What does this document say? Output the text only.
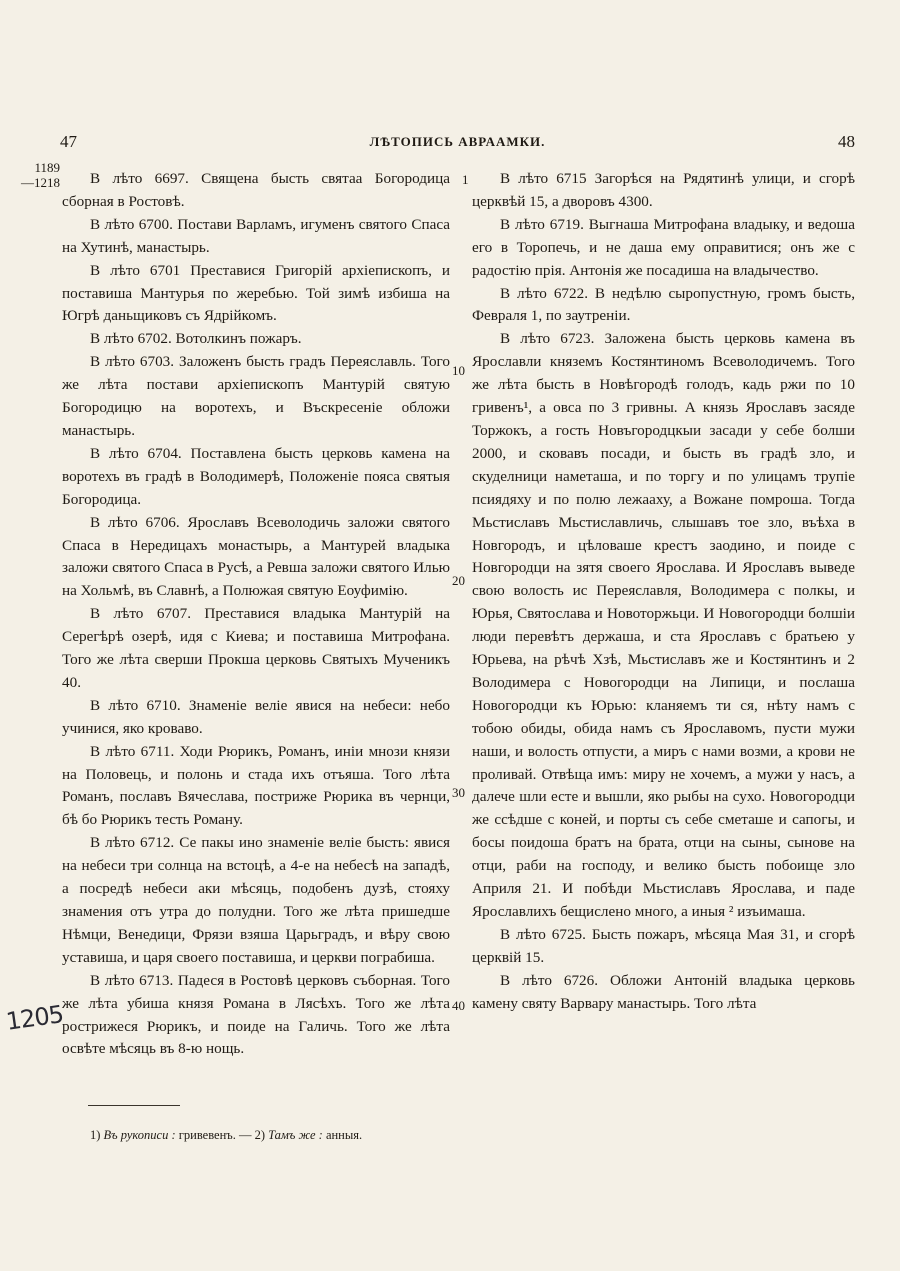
47	ЛѢТОПИСЬ АВРААМКИ.	48
1189
—1218
1205
1
10
20
30
40

В лѣто 6697. Священа бысть святаа Богородица сборная в Ростовѣ.

В лѣто 6700. Постави Варламъ, игуменъ святого Спаса на Хутинѣ, манастырь.

В лѣто 6701 Преставися Григорій архіепископъ, и поставиша Мантурья по жеребью. Той зимѣ избиша на Югрѣ даньщиковъ съ Ядрійкомъ.

В лѣто 6702. Вотолкинъ пожаръ.

В лѣто 6703. Заложенъ бысть градъ Переяславль. Того же лѣта постави архіепископъ Мантурій святую Богородицю на воротехъ, и Въскресеніе обложи манастырь.

В лѣто 6704. Поставлена бысть церковь камена на воротехъ въ градѣ в Володимерѣ, Положеніе пояса святыя Богородица.

В лѣто 6706. Ярославъ Всеволодичь заложи святого Спаса в Нередицахъ монастырь, а Мантурей владыка заложи святого Спаса в Русѣ, а Ревша заложи святого Илью на Хольмѣ, въ Славнѣ, а Полюжая святую Еоуфимію.

В лѣто 6707. Преставися владыка Мантурій на Серегѣрѣ озерѣ, идя с Киева; и поставиша Митрофана. Того же лѣта сверши Прокша церковь Святыхъ Мученикъ 40.

В лѣто 6710. Знаменіе веліе явися на небеси: небо учинися, яко кроваво.

В лѣто 6711. Ходи Рюрикъ, Романъ, иніи мнози князи на Половець, и полонь и стада ихъ отъяша. Того лѣта Романъ, пославъ Вячеслава, постриже Рюрика въ чернци, бѣ бо Рюрикъ тесть Роману.

В лѣто 6712. Се пакы ино знаменіе веліе бысть: явися на небеси три солнца на встоцѣ, а 4-е на небесѣ на западѣ, а посредѣ небеси аки мѣсяць, подобенъ дузѣ, стояху знамения отъ утра до полудни. Того же лѣта пришедше Нѣмци, Венедици, Фрязи взяша Царьградъ, и вѣру свою уставиша, и царя своего поставиша, и церкви пограбиша.

В лѣто 6713. Падеся в Ростовѣ церковъ съборная. Того же лѣта убиша князя Романа в Лясѣхъ. Того же лѣта рострижеся Рюрикъ, и поиде на Галичь. Того же лѣта освѣте мѣсяць въ 8-ю нощь.

В лѣто 6715 Загорѣся на Рядятинѣ улици, и сгорѣ церквѣй 15, а дворовъ 4300.

В лѣто 6719. Выгнаша Митрофана владыку, и ведоша его в Торопечь, и не даша ему оправитися; онъ же с радостію прія. Антонія же посадиша на владычество.

В лѣто 6722. В недѣлю сыропустную, громъ бысть, Февраля 1, по заутреніи.

В лѣто 6723. Заложена бысть церковь камена въ Ярославли княземъ Костянтиномъ Всеволодичемъ. Того же лѣта бысть в Новѣгородѣ голодъ, кадь ржи по 10 гривенъ¹, а овса по 3 гривны. А князь Ярославъ засяде Торжокъ, а гость Новъгородцкыи засади у себе болши 2000, и сковавъ посади, и бысть въ градѣ зло, и скуделници наметаша, и по торгу и по улицамъ трупіе псиядяху и по полю лежааху, а Вожане помроша. Тогда Мьстиславъ Мьстиславличь, слышавъ тое зло, въѣха в Новгородъ, и цѣловаше крестъ заодино, и поиде с Новгородци на зятя своего Ярослава. И Ярославъ выведе свою волость ис Переяславля, Володимера с полкы, и Юрья, Святослава и Новоторжьци. И Новогородци болшіи люди перевѣтъ держаша, и ста Ярославъ с братьею у Юрьева, на рѣчѣ Хзѣ, Мьстиславъ же и Костянтинъ и 2 Володимера с Новогородци на Липици, и послаша Новогородци къ Юрью: кланяемъ ти ся, нѣту намъ с тобою обиды, обида намъ съ Ярославомъ, пусти мужи наши, и волость отпусти, а миръ с нами возми, а крови не проливай. Отвѣща имъ: миру не хочемъ, а мужи у насъ, а далече шли есте и вышли, яко рыбы на сухо. Новогородци же ссѣдше с коней, и порты съ себе сметаше и сапогы, и босы поидоша братъ на брата, отци на сыны, сынове на отци, раби на господу, и велико бысть побоище зло Априля 21. И побѣди Мьстиславъ Ярослава, и паде Ярославлихъ бещислено много, а иныя ² изъимаша.

В лѣто 6725. Бысть пожаръ, мѣсяца Мая 31, и сгорѣ церквій 15.

В лѣто 6726. Обложи Антоній владыка церковь камену святу Варвару манастырь. Того лѣта

1) Въ рукописи : гривевенъ. — 2) Тамъ же : анныя.
